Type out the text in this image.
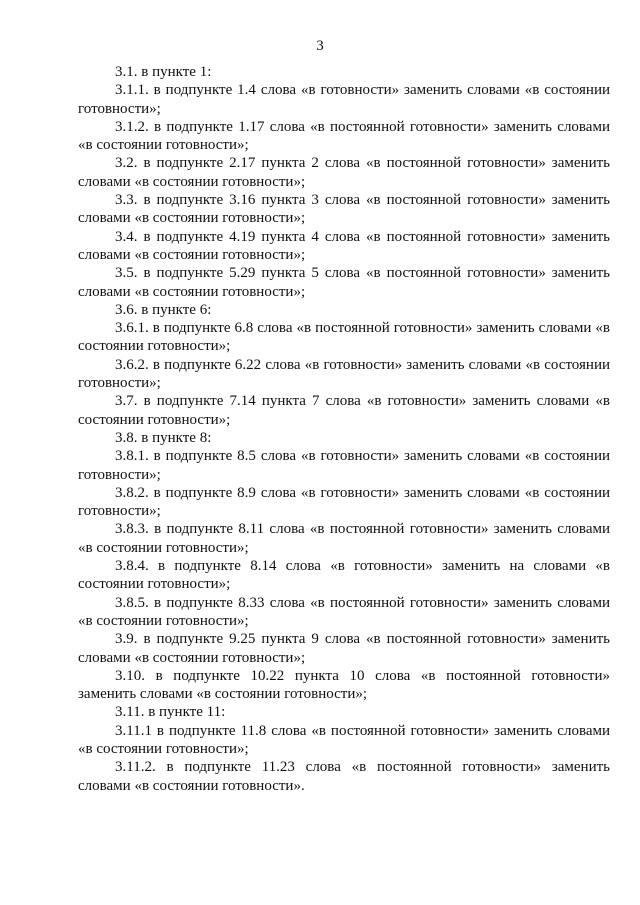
3

3.1. в пункте 1:

3.1.1. в подпункте 1.4 слова «в готовности» заменить словами «в состоянии готовности»;

3.1.2. в подпункте 1.17 слова «в постоянной готовности» заменить словами «в состоянии готовности»;

3.2. в подпункте 2.17 пункта 2 слова «в постоянной готовности» заменить словами «в состоянии готовности»;

3.3. в подпункте 3.16 пункта 3 слова «в постоянной готовности» заменить словами «в состоянии готовности»;

3.4. в подпункте 4.19 пункта 4 слова «в постоянной готовности» заменить словами «в состоянии готовности»;

3.5. в подпункте 5.29 пункта 5 слова «в постоянной готовности» заменить словами «в состоянии готовности»;

3.6. в пункте 6:

3.6.1. в подпункте 6.8 слова «в постоянной готовности» заменить словами «в состоянии готовности»;

3.6.2. в подпункте 6.22 слова «в готовности» заменить словами «в состоянии готовности»;

3.7. в подпункте 7.14 пункта 7 слова «в готовности» заменить словами «в состоянии готовности»;

3.8. в пункте 8:

3.8.1. в подпункте 8.5 слова «в готовности» заменить словами «в состоянии готовности»;

3.8.2. в подпункте 8.9 слова «в готовности» заменить словами «в состоянии готовности»;

3.8.3. в подпункте 8.11 слова «в постоянной готовности» заменить словами «в состоянии готовности»;

3.8.4. в подпункте 8.14 слова «в готовности» заменить на словами «в состоянии готовности»;

3.8.5. в подпункте 8.33 слова «в постоянной готовности» заменить словами «в состоянии готовности»;

3.9. в подпункте 9.25 пункта 9 слова «в постоянной готовности» заменить словами «в состоянии готовности»;

3.10. в подпункте 10.22 пункта 10 слова «в постоянной готовности» заменить словами «в состоянии готовности»;

3.11. в пункте 11:

3.11.1 в подпункте 11.8 слова «в постоянной готовности» заменить словами «в состоянии готовности»;

3.11.2. в подпункте 11.23 слова «в постоянной готовности» заменить словами «в состоянии готовности».
